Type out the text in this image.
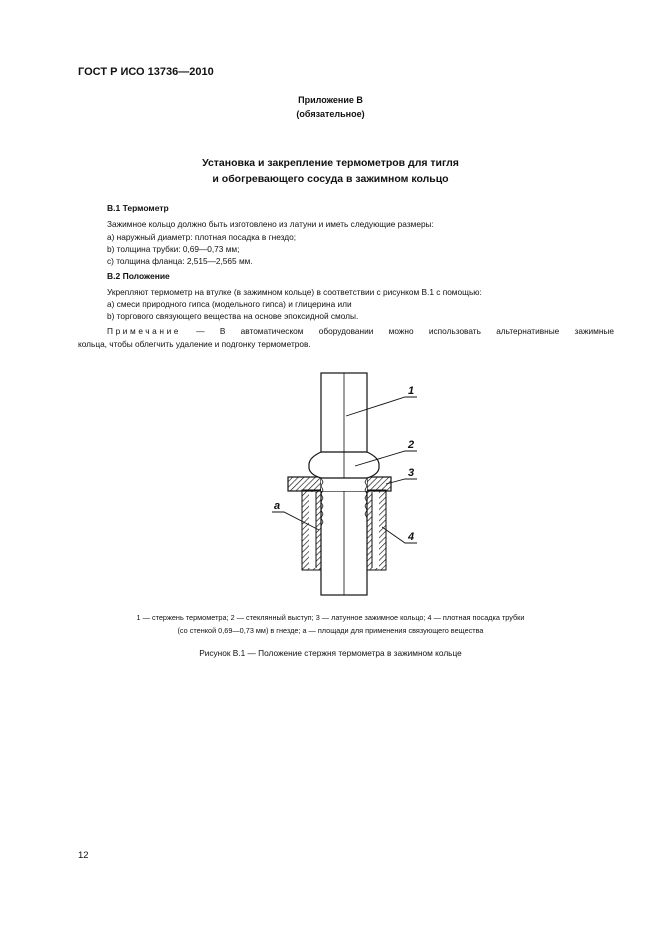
ГОСТ Р ИСО 13736—2010
Приложение В
(обязательное)
Установка и закрепление термометров для тигля
и обогревающего сосуда в зажимном кольцо
В.1 Термометр
Зажимное кольцо должно быть изготовлено из латуни и иметь следующие размеры:
a) наружный диаметр: плотная посадка в гнездо;
b) толщина трубки: 0,69—0,73 мм;
c) толщина фланца: 2,515—2,565 мм.
В.2 Положение
Укрепляют термометр на втулке (в зажимном кольце) в соответствии с рисунком В.1 с помощью:
a) смеси природного гипса (модельного гипса) и глицерина или
b) торгового связующего вещества на основе эпоксидной смолы.
Примечание — В автоматическом оборудовании можно использовать альтернативные зажимные
кольца, чтобы облегчить удаление и подгонку термометров.
1
2
3
4
a
1 — стержень термометра; 2 — стеклянный выступ; 3 — латунное зажимное кольцо; 4 — плотная посадка трубки
(со стенкой 0,69—0,73 мм) в гнезде; a — площади для применения связующего вещества
Рисунок В.1 — Положение стержня термометра в зажимном кольце
12
